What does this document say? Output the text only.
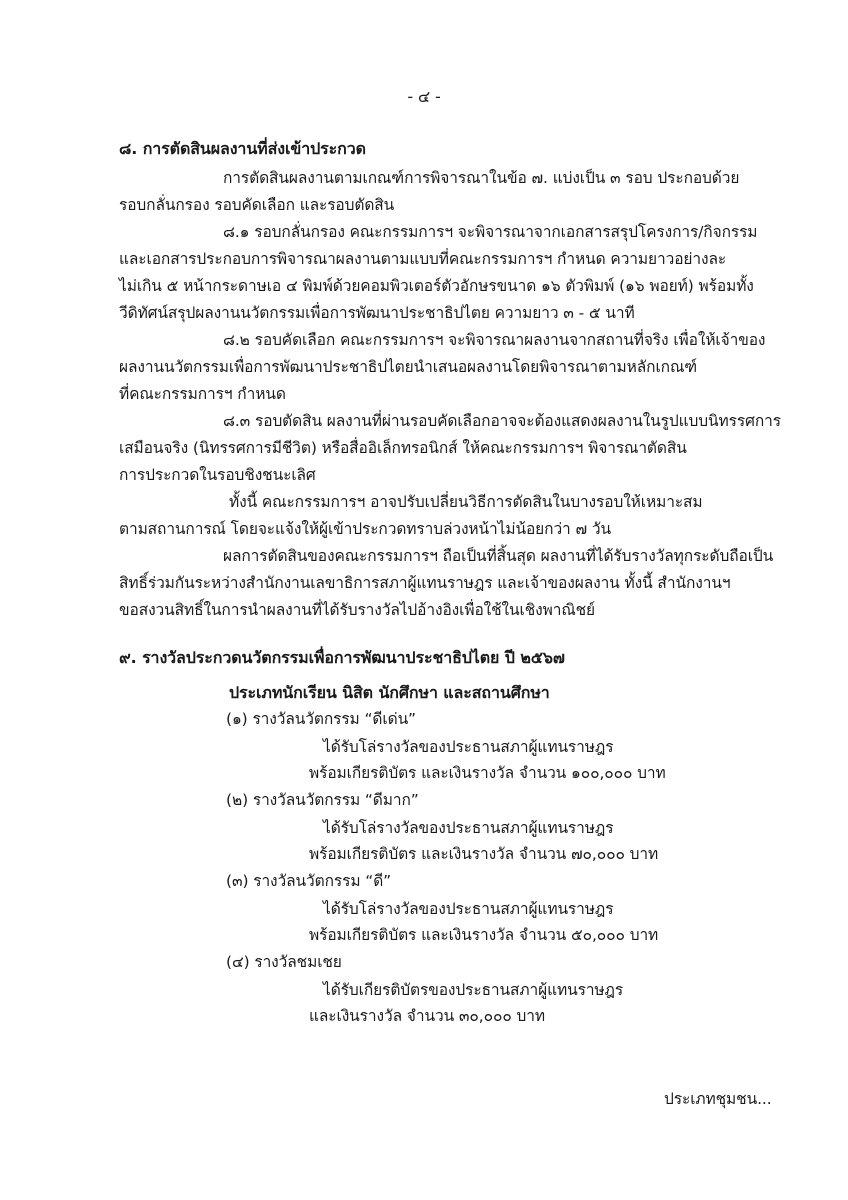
- ๔ -
๘. การตัดสินผลงานที่ส่งเข้าประกวด
การตัดสินผลงานตามเกณฑ์การพิจารณาในข้อ ๗. แบ่งเป็น ๓ รอบ ประกอบด้วย
รอบกลั่นกรอง รอบคัดเลือก และรอบตัดสิน
๘.๑ รอบกลั่นกรอง คณะกรรมการฯ จะพิจารณาจากเอกสารสรุปโครงการ/กิจกรรม
และเอกสารประกอบการพิจารณาผลงานตามแบบที่คณะกรรมการฯ กำหนด ความยาวอย่างละ
ไม่เกิน ๕ หน้ากระดาษเอ ๔ พิมพ์ด้วยคอมพิวเตอร์ตัวอักษรขนาด ๑๖ ตัวพิมพ์ (๑๖ พอยท์) พร้อมทั้ง
วีดิทัศน์สรุปผลงานนวัตกรรมเพื่อการพัฒนาประชาธิปไตย ความยาว ๓ - ๕ นาที
๘.๒ รอบคัดเลือก คณะกรรมการฯ จะพิจารณาผลงานจากสถานที่จริง เพื่อให้เจ้าของ
ผลงานนวัตกรรมเพื่อการพัฒนาประชาธิปไตยนำเสนอผลงานโดยพิจารณาตามหลักเกณฑ์
ที่คณะกรรมการฯ กำหนด
๘.๓ รอบตัดสิน ผลงานที่ผ่านรอบคัดเลือกอาจจะต้องแสดงผลงานในรูปแบบนิทรรศการ
เสมือนจริง (นิทรรศการมีชีวิต) หรือสื่ออิเล็กทรอนิกส์ ให้คณะกรรมการฯ พิจารณาตัดสิน
การประกวดในรอบชิงชนะเลิศ
ทั้งนี้ คณะกรรมการฯ อาจปรับเปลี่ยนวิธีการตัดสินในบางรอบให้เหมาะสม
ตามสถานการณ์ โดยจะแจ้งให้ผู้เข้าประกวดทราบล่วงหน้าไม่น้อยกว่า ๗ วัน
ผลการตัดสินของคณะกรรมการฯ ถือเป็นที่สิ้นสุด ผลงานที่ได้รับรางวัลทุกระดับถือเป็น
สิทธิ์ร่วมกันระหว่างสำนักงานเลขาธิการสภาผู้แทนราษฎร และเจ้าของผลงาน ทั้งนี้ สำนักงานฯ
ขอสงวนสิทธิ์ในการนำผลงานที่ได้รับรางวัลไปอ้างอิงเพื่อใช้ในเชิงพาณิชย์
๙. รางวัลประกวดนวัตกรรมเพื่อการพัฒนาประชาธิปไตย ปี ๒๕๖๗
ประเภทนักเรียน นิสิต นักศึกษา และสถานศึกษา
(๑) รางวัลนวัตกรรม “ดีเด่น”
ได้รับโล่รางวัลของประธานสภาผู้แทนราษฎร
พร้อมเกียรติบัตร และเงินรางวัล จำนวน ๑๐๐,๐๐๐ บาท
(๒) รางวัลนวัตกรรม “ดีมาก”
ได้รับโล่รางวัลของประธานสภาผู้แทนราษฎร
พร้อมเกียรติบัตร และเงินรางวัล จำนวน ๗๐,๐๐๐ บาท
(๓) รางวัลนวัตกรรม “ดี”
ได้รับโล่รางวัลของประธานสภาผู้แทนราษฎร
พร้อมเกียรติบัตร และเงินรางวัล จำนวน ๕๐,๐๐๐ บาท
(๔) รางวัลชมเชย
ได้รับเกียรติบัตรของประธานสภาผู้แทนราษฎร
และเงินรางวัล จำนวน ๓๐,๐๐๐ บาท
ประเภทชุมชน...
